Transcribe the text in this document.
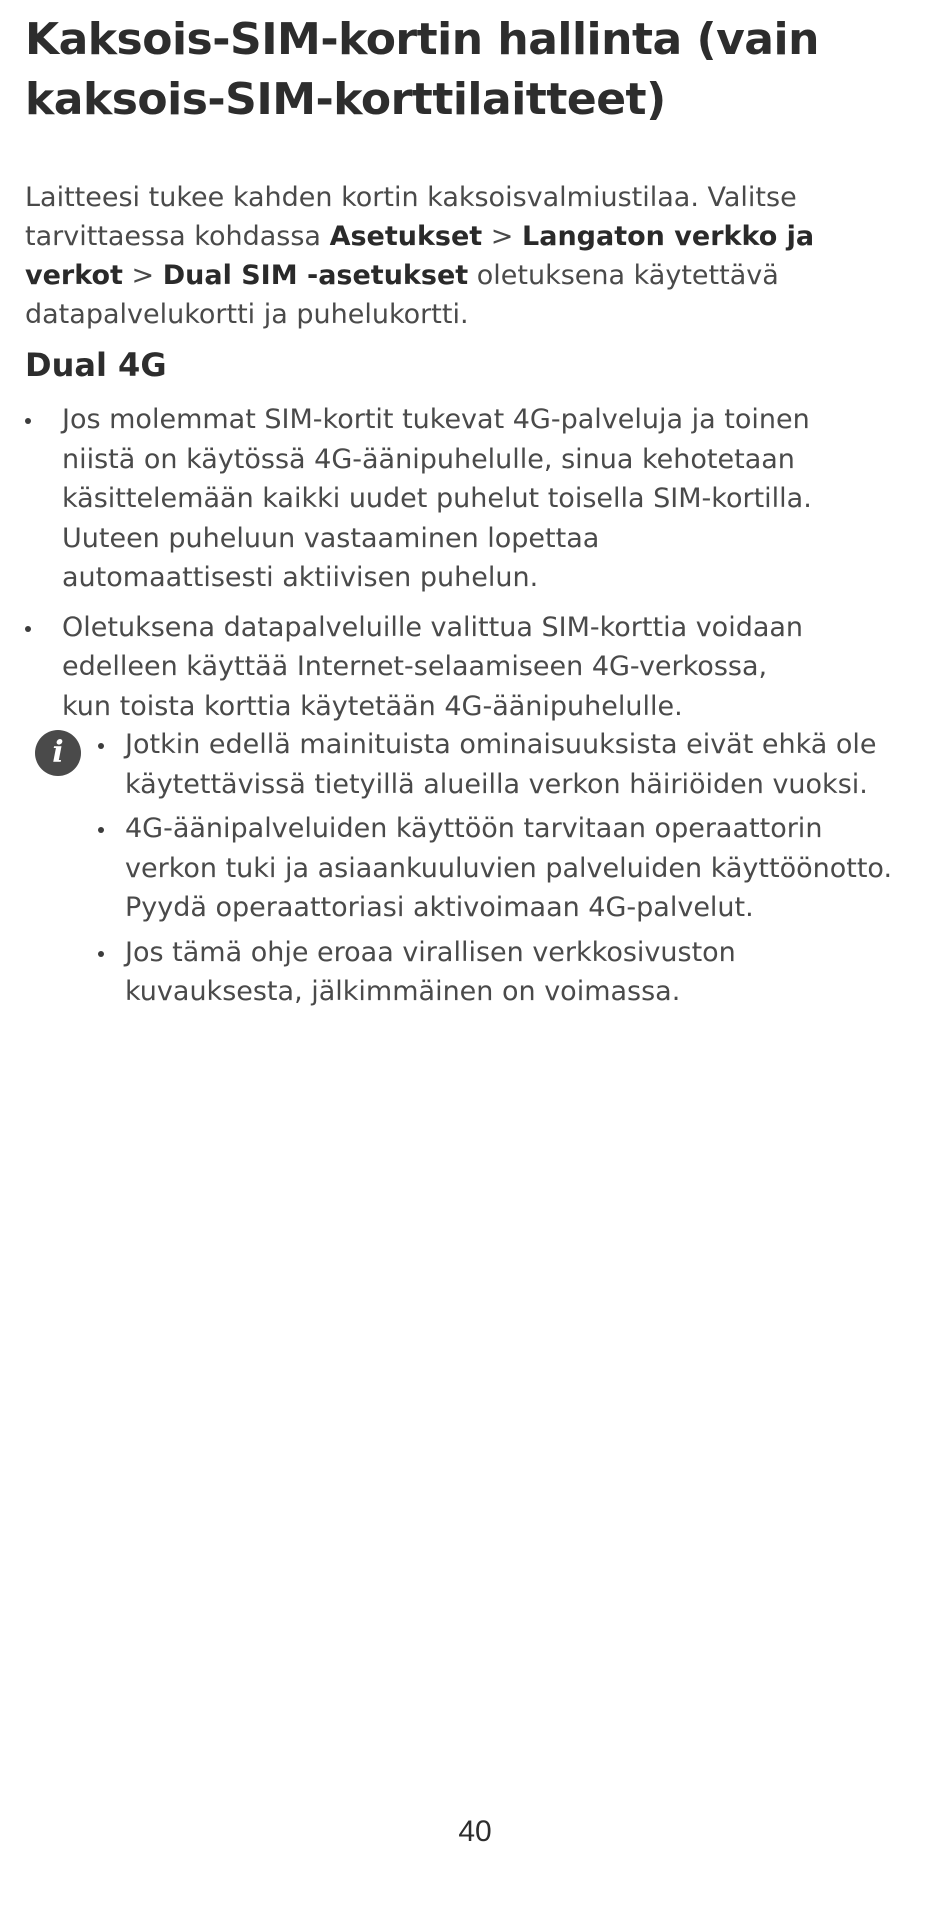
Kaksois-SIM-kortin hallinta (vain kaksois-SIM-korttilaitteet)

Laitteesi tukee kahden kortin kaksoisvalmiustilaa. Valitse tarvittaessa kohdassa Asetukset > Langaton verkko ja verkot > Dual SIM -asetukset oletuksena käytettävä datapalvelukortti ja puhelukortti.

Dual 4G
Jos molemmat SIM-kortit tukevat 4G-palveluja ja toinen niistä on käytössä 4G-äänipuhelulle, sinua kehotetaan käsittelemään kaikki uudet puhelut toisella SIM-kortilla. Uuteen puheluun vastaaminen lopettaa automaattisesti aktiivisen puhelun.
Oletuksena datapalveluille valittua SIM-korttia voidaan edelleen käyttää Internet-selaamiseen 4G-verkossa, kun toista korttia käytetään 4G-äänipuhelulle.
i	Jotkin edellä mainituista ominaisuuksista eivät ehkä ole käytettävissä tietyillä alueilla verkon häiriöiden vuoksi.
4G-äänipalveluiden käyttöön tarvitaan operaattorin verkon tuki ja asiaankuuluvien palveluiden käyttöönotto. Pyydä operaattoriasi aktivoimaan 4G-palvelut.
Jos tämä ohje eroaa virallisen verkkosivuston kuvauksesta, jälkimmäinen on voimassa.
40
